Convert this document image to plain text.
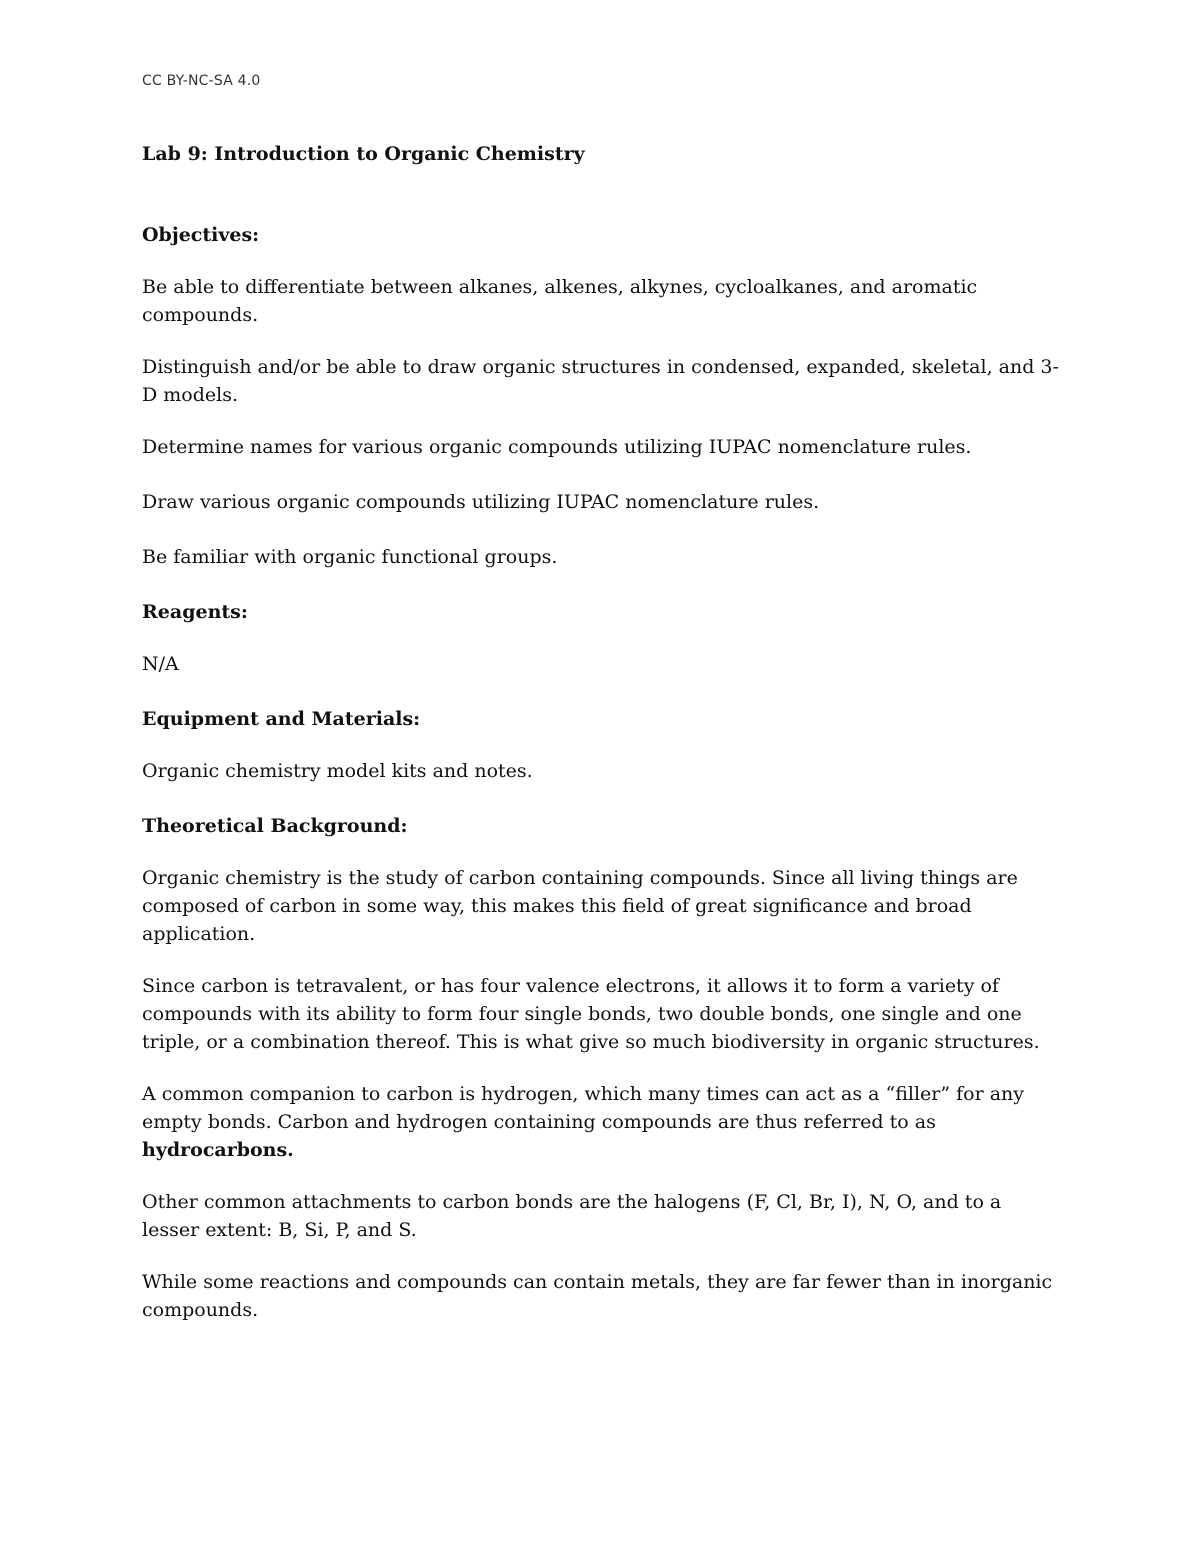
CC BY-NC-SA 4.0
Lab 9: Introduction to Organic Chemistry
Objectives:
Be able to differentiate between alkanes, alkenes, alkynes, cycloalkanes, and aromatic compounds.
Distinguish and/or be able to draw organic structures in condensed, expanded, skeletal, and 3-D models.
Determine names for various organic compounds utilizing IUPAC nomenclature rules.
Draw various organic compounds utilizing IUPAC nomenclature rules.
Be familiar with organic functional groups.
Reagents:
N/A
Equipment and Materials:
Organic chemistry model kits and notes.
Theoretical Background:
Organic chemistry is the study of carbon containing compounds. Since all living things are composed of carbon in some way, this makes this field of great significance and broad application.
Since carbon is tetravalent, or has four valence electrons, it allows it to form a variety of compounds with its ability to form four single bonds, two double bonds, one single and one triple, or a combination thereof. This is what give so much biodiversity in organic structures.
A common companion to carbon is hydrogen, which many times can act as a “filler” for any empty bonds. Carbon and hydrogen containing compounds are thus referred to as hydrocarbons.
Other common attachments to carbon bonds are the halogens (F, Cl, Br, I), N, O, and to a lesser extent: B, Si, P, and S.
While some reactions and compounds can contain metals, they are far fewer than in inorganic compounds.
